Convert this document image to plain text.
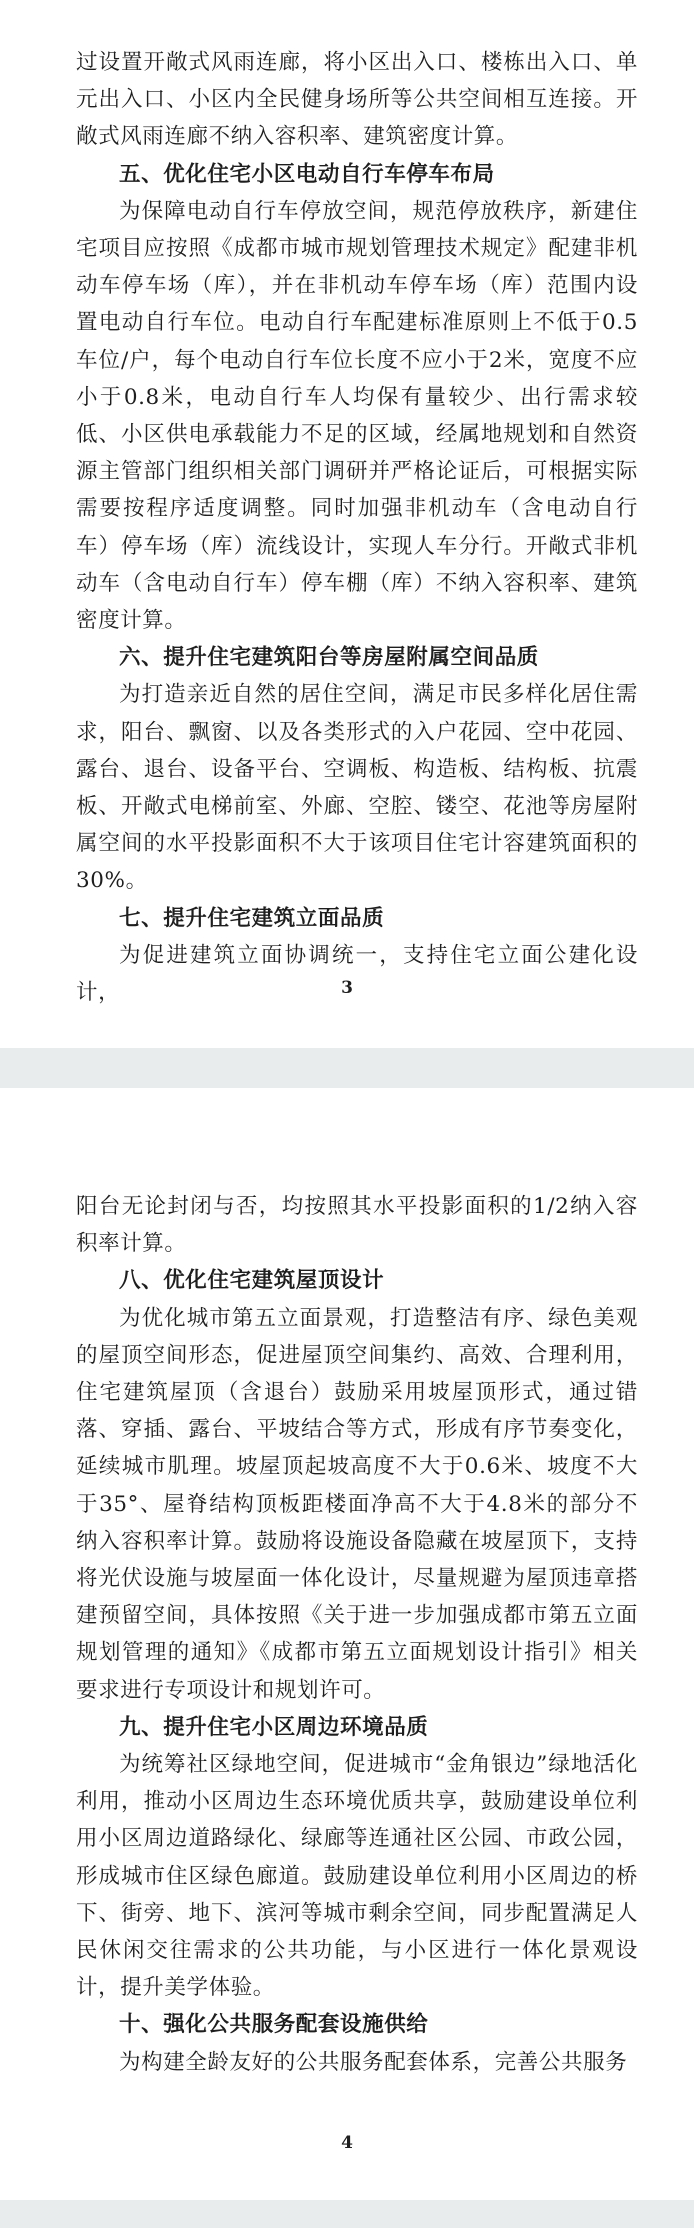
过设置开敞式风雨连廊，将小区出入口、楼栋出入口、单元出入口、小区内全民健身场所等公共空间相互连接。开敞式风雨连廊不纳入容积率、建筑密度计算。

五、优化住宅小区电动自行车停车布局

为保障电动自行车停放空间，规范停放秩序，新建住宅项目应按照《成都市城市规划管理技术规定》配建非机动车停车场（库），并在非机动车停车场（库）范围内设置电动自行车位。电动自行车配建标准原则上不低于0.5车位/户，每个电动自行车位长度不应小于2米，宽度不应小于0.8米，电动自行车人均保有量较少、出行需求较低、小区供电承载能力不足的区域，经属地规划和自然资源主管部门组织相关部门调研并严格论证后，可根据实际需要按程序适度调整。同时加强非机动车（含电动自行车）停车场（库）流线设计，实现人车分行。开敞式非机动车（含电动自行车）停车棚（库）不纳入容积率、建筑密度计算。

六、提升住宅建筑阳台等房屋附属空间品质

为打造亲近自然的居住空间，满足市民多样化居住需求，阳台、飘窗、以及各类形式的入户花园、空中花园、露台、退台、设备平台、空调板、构造板、结构板、抗震板、开敞式电梯前室、外廊、空腔、镂空、花池等房屋附属空间的水平投影面积不大于该项目住宅计容建筑面积的30%。

七、提升住宅建筑立面品质

为促进建筑立面协调统一，支持住宅立面公建化设计，	3

阳台无论封闭与否，均按照其水平投影面积的1/2纳入容积率计算。

八、优化住宅建筑屋顶设计

为优化城市第五立面景观，打造整洁有序、绿色美观的屋顶空间形态，促进屋顶空间集约、高效、合理利用，住宅建筑屋顶（含退台）鼓励采用坡屋顶形式，通过错落、穿插、露台、平坡结合等方式，形成有序节奏变化，延续城市肌理。坡屋顶起坡高度不大于0.6米、坡度不大于35°、屋脊结构顶板距楼面净高不大于4.8米的部分不纳入容积率计算。鼓励将设施设备隐藏在坡屋顶下，支持将光伏设施与坡屋面一体化设计，尽量规避为屋顶违章搭建预留空间，具体按照《关于进一步加强成都市第五立面规划管理的通知》《成都市第五立面规划设计指引》相关要求进行专项设计和规划许可。

九、提升住宅小区周边环境品质

为统筹社区绿地空间，促进城市“金角银边”绿地活化利用，推动小区周边生态环境优质共享，鼓励建设单位利用小区周边道路绿化、绿廊等连通社区公园、市政公园，形成城市住区绿色廊道。鼓励建设单位利用小区周边的桥下、街旁、地下、滨河等城市剩余空间，同步配置满足人民休闲交往需求的公共功能，与小区进行一体化景观设计，提升美学体验。

十、强化公共服务配套设施供给

为构建全龄友好的公共服务配套体系，完善公共服务

4
